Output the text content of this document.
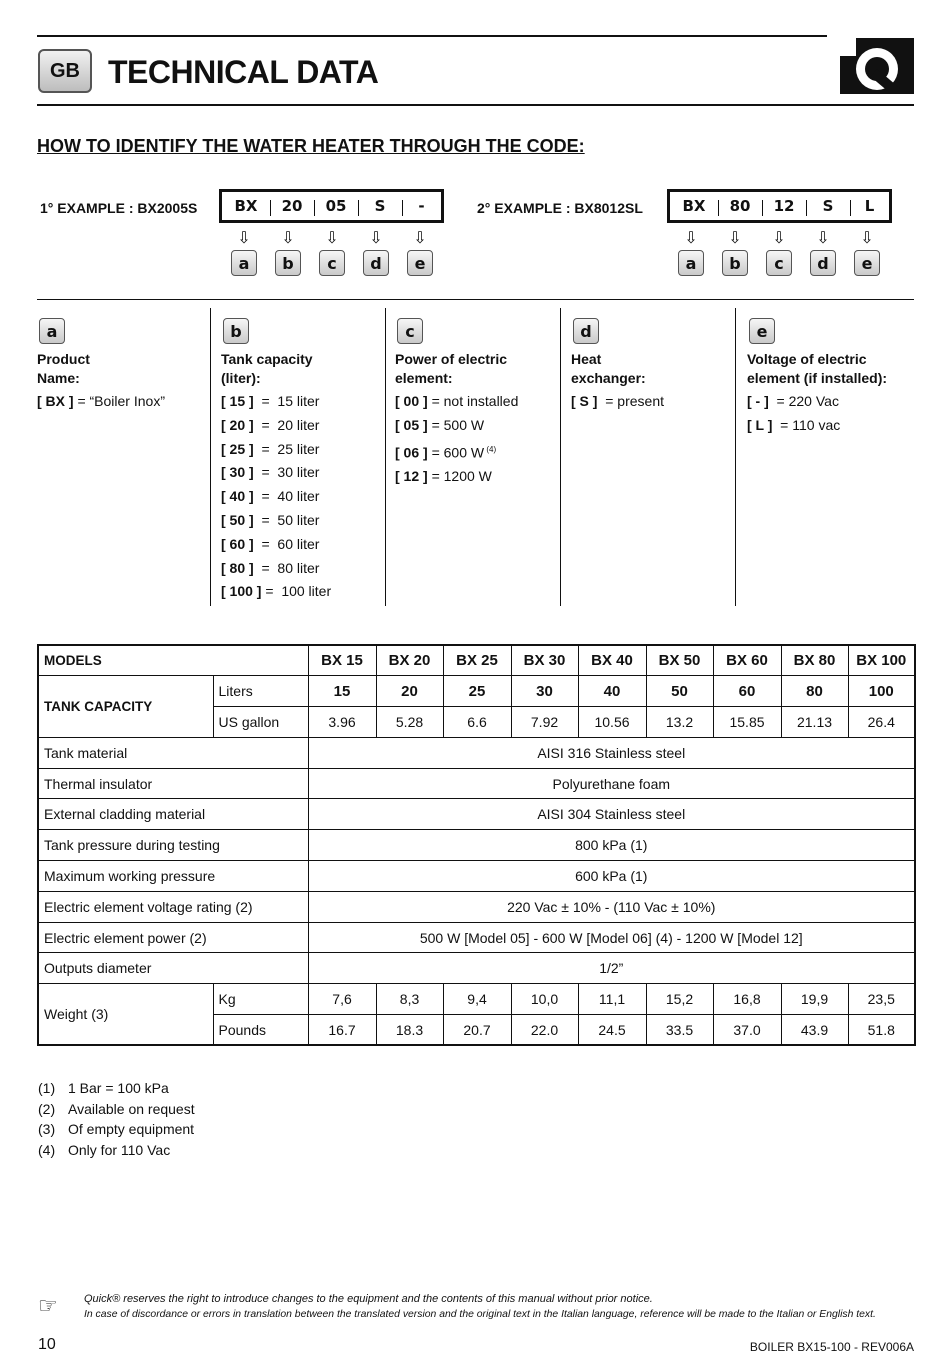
GB TECHNICAL DATA
HOW TO IDENTIFY THE WATER HEATER THROUGH THE CODE:
1° EXAMPLE : BX2005S	BX	20	05	S	-
⇩	⇩	⇩	⇩	⇩
a	b	c	d	e
2° EXAMPLE : BX8012SL	BX	80	12	S	L
⇩	⇩	⇩	⇩	⇩
a	b	c	d	e
a
Product
Name:
[ BX ] = “Boiler Inox”
b
Tank capacity
(liter):
[ 15 ]  =  15 liter
[ 20 ]  =  20 liter
[ 25 ]  =  25 liter
[ 30 ]  =  30 liter
[ 40 ]  =  40 liter
[ 50 ]  =  50 liter
[ 60 ]  =  60 liter
[ 80 ]  =  80 liter
[ 100 ] =  100 liter
c
Power of electric
element:
[ 00 ] = not installed
[ 05 ] = 500 W
[ 06 ] = 600 W $^{(4)}$
[ 12 ] = 1200 W
d
Heat
exchanger:
[ S ]  = present
e
Voltage of electric
element (if installed):
[ - ]  = 220 Vac
[ L ]  = 110 vac
MODELS		BX 15	BX 20	BX 25	BX 30	BX 40	BX 50	BX 60	BX 80	BX 100
TANK CAPACITY	Liters	15	20	25	30	40	50	60	80	100
	US gallon	3.96	5.28	6.6	7.92	10.56	13.2	15.85	21.13	26.4
Tank material		AISI 316 Stainless steel								
Thermal insulator		Polyurethane foam								
External cladding material		AISI 304 Stainless steel								
Tank pressure during testing		800 kPa (1)								
Maximum working pressure		600 kPa (1)								
Electric element voltage rating (2)		220 Vac ± 10% - (110 Vac ± 10%)								
Electric element power (2)		500 W [Model 05] - 600 W [Model 06] (4) - 1200 W [Model 12]								
Outputs diameter		1/2”								
Weight (3)	Kg	7,6	8,3	9,4	10,0	11,1	15,2	16,8	19,9	23,5
	Pounds	16.7	18.3	20.7	22.0	24.5	33.5	37.0	43.9	51.8
(1) 1 Bar = 100 kPa
(2) Available on request
(3) Of empty equipment
(4) Only for 110 Vac
☞ Quick® reserves the right to introduce changes to the equipment and the contents of this manual without prior notice.
In case of discordance or errors in translation between the translated version and the original text in the Italian language, reference will be made to the Italian or English text.
10	BOILER BX15-100 - REV006A
